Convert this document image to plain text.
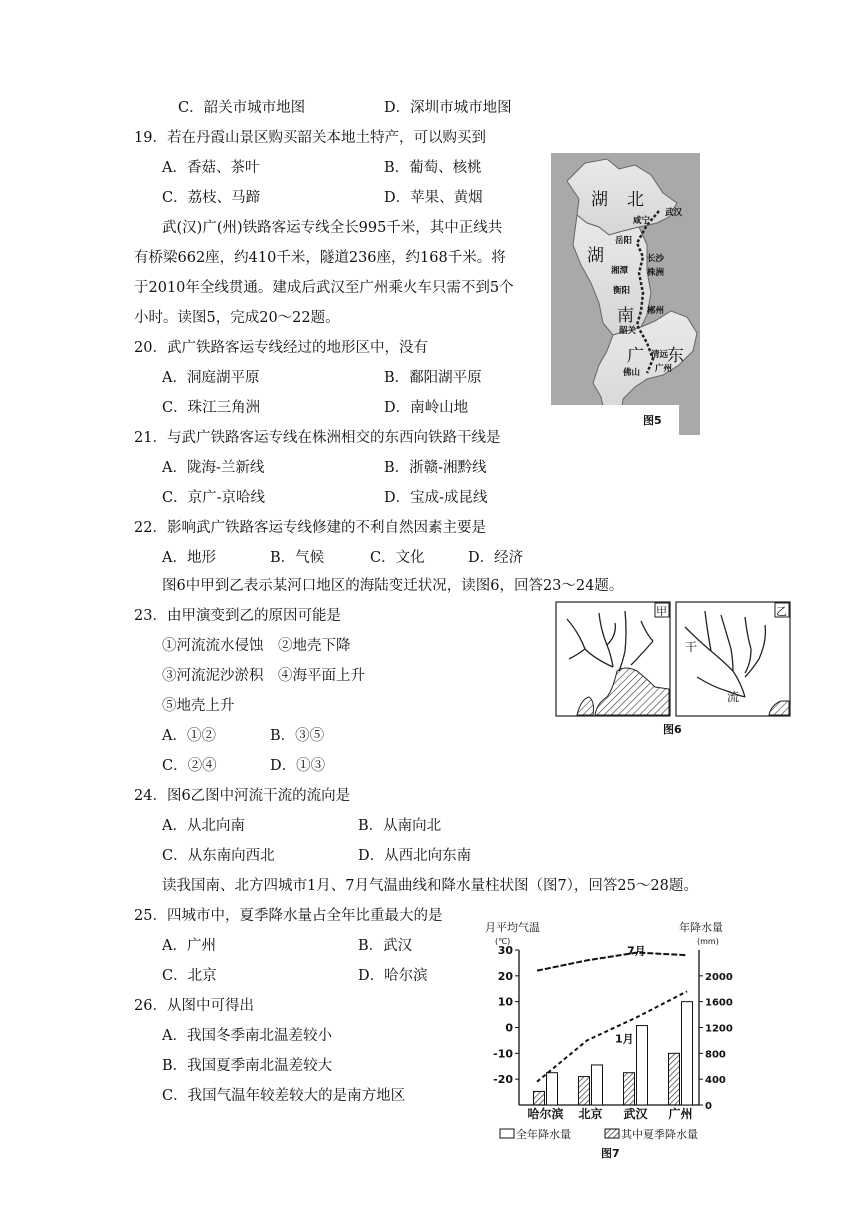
C．韶关市城市地图	D．深圳市城市地图
19．若在丹霞山景区购买韶关本地土特产，可以购买到
A．香菇、茶叶	B．葡萄、核桃
C．荔枝、马蹄	D．苹果、黄烟
武(汉)广(州)铁路客运专线全长995千米，其中正线共
有桥梁662座，约410千米，隧道236座，约168千米。将
于2010年全线贯通。建成后武汉至广州乘火车只需不到5个
小时。读图5，完成20～22题。
20．武广铁路客运专线经过的地形区中，没有
A．洞庭湖平原	B．鄱阳湖平原
C．珠江三角洲	D．南岭山地
21．与武广铁路客运专线在株洲相交的东西向铁路干线是
A．陇海-兰新线	B．浙赣-湘黔线
C．京广-京哈线	D．宝成-成昆线
22．影响武广铁路客运专线修建的不利自然因素主要是
A．地形	B．气候	C．文化	D．经济
图6中甲到乙表示某河口地区的海陆变迁状况，读图6，回答23～24题。
23．由甲演变到乙的原因可能是
①河流流水侵蚀　②地壳下降
③河流泥沙淤积　④海平面上升
⑤地壳上升
A．①②	B．③⑤
C．②④	D．①③
24．图6乙图中河流干流的流向是
A．从北向南	B．从南向北
C．从东南向西北	D．从西北向东南
读我国南、北方四城市1月、7月气温曲线和降水量柱状图（图7），回答25～28题。
25．四城市中，夏季降水量占全年比重最大的是
A．广州	B．武汉
C．北京	D．哈尔滨
26．从图中可得出
A．我国冬季南北温差较小
B．我国夏季南北温差较大
C．我国气温年较差较大的是南方地区
湖 北
湖
南
广 东
武汉
咸宁
岳阳
长沙
湘潭 株洲
衡阳
郴州
韶关
清远
广州
佛山
图5
甲	乙
干
流
图6
月平均气温
(℃)
年降水量
(mm)
30
20
10
0
-10
-20
2000
1600
1200
800
400
0
7月
1月
哈尔滨 北京 武汉 广州
全年降水量	其中夏季降水量
图7
